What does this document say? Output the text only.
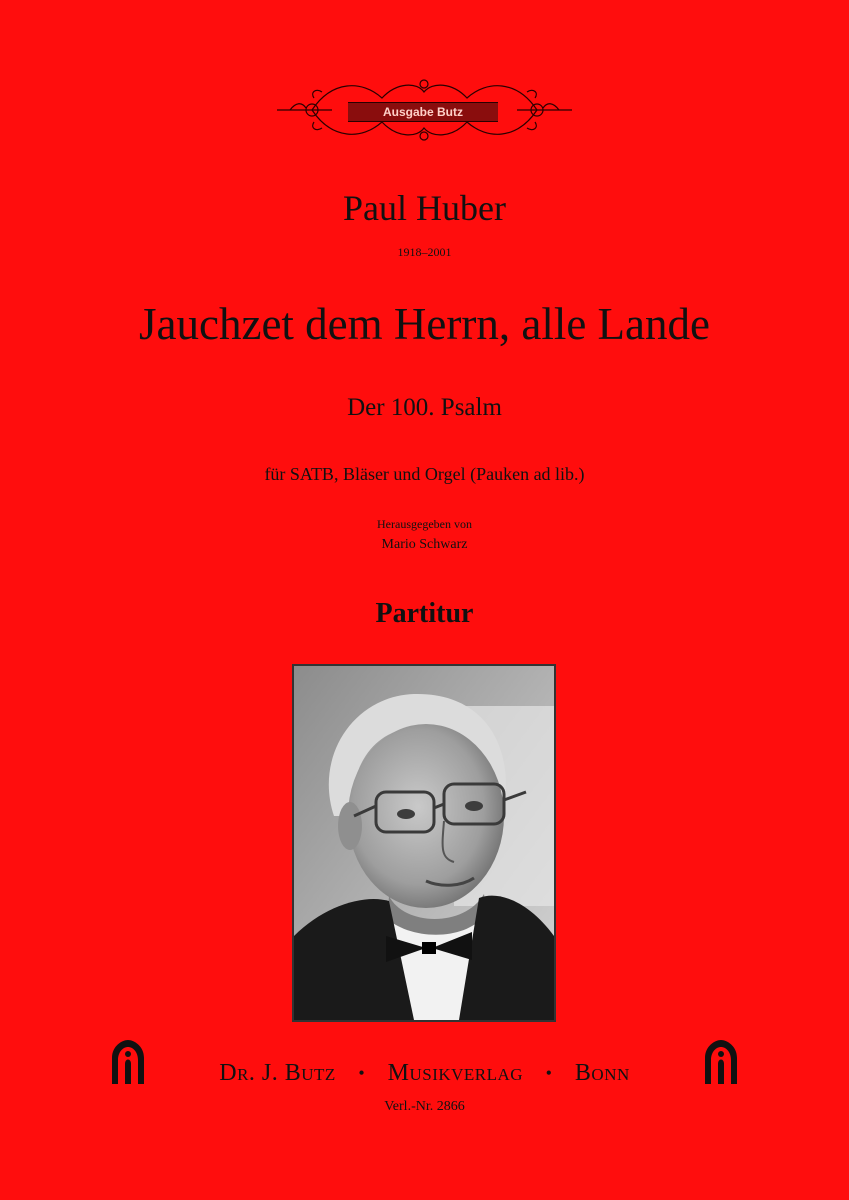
Ausgabe Butz
Paul Huber
1918–2001
Jauchzet dem Herrn, alle Lande
Der 100. Psalm
für SATB, Bläser und Orgel (Pauken ad lib.)
Herausgegeben von
Mario Schwarz
Partitur
Dr. J. Butz • Musikverlag • Bonn
Verl.-Nr. 2866
